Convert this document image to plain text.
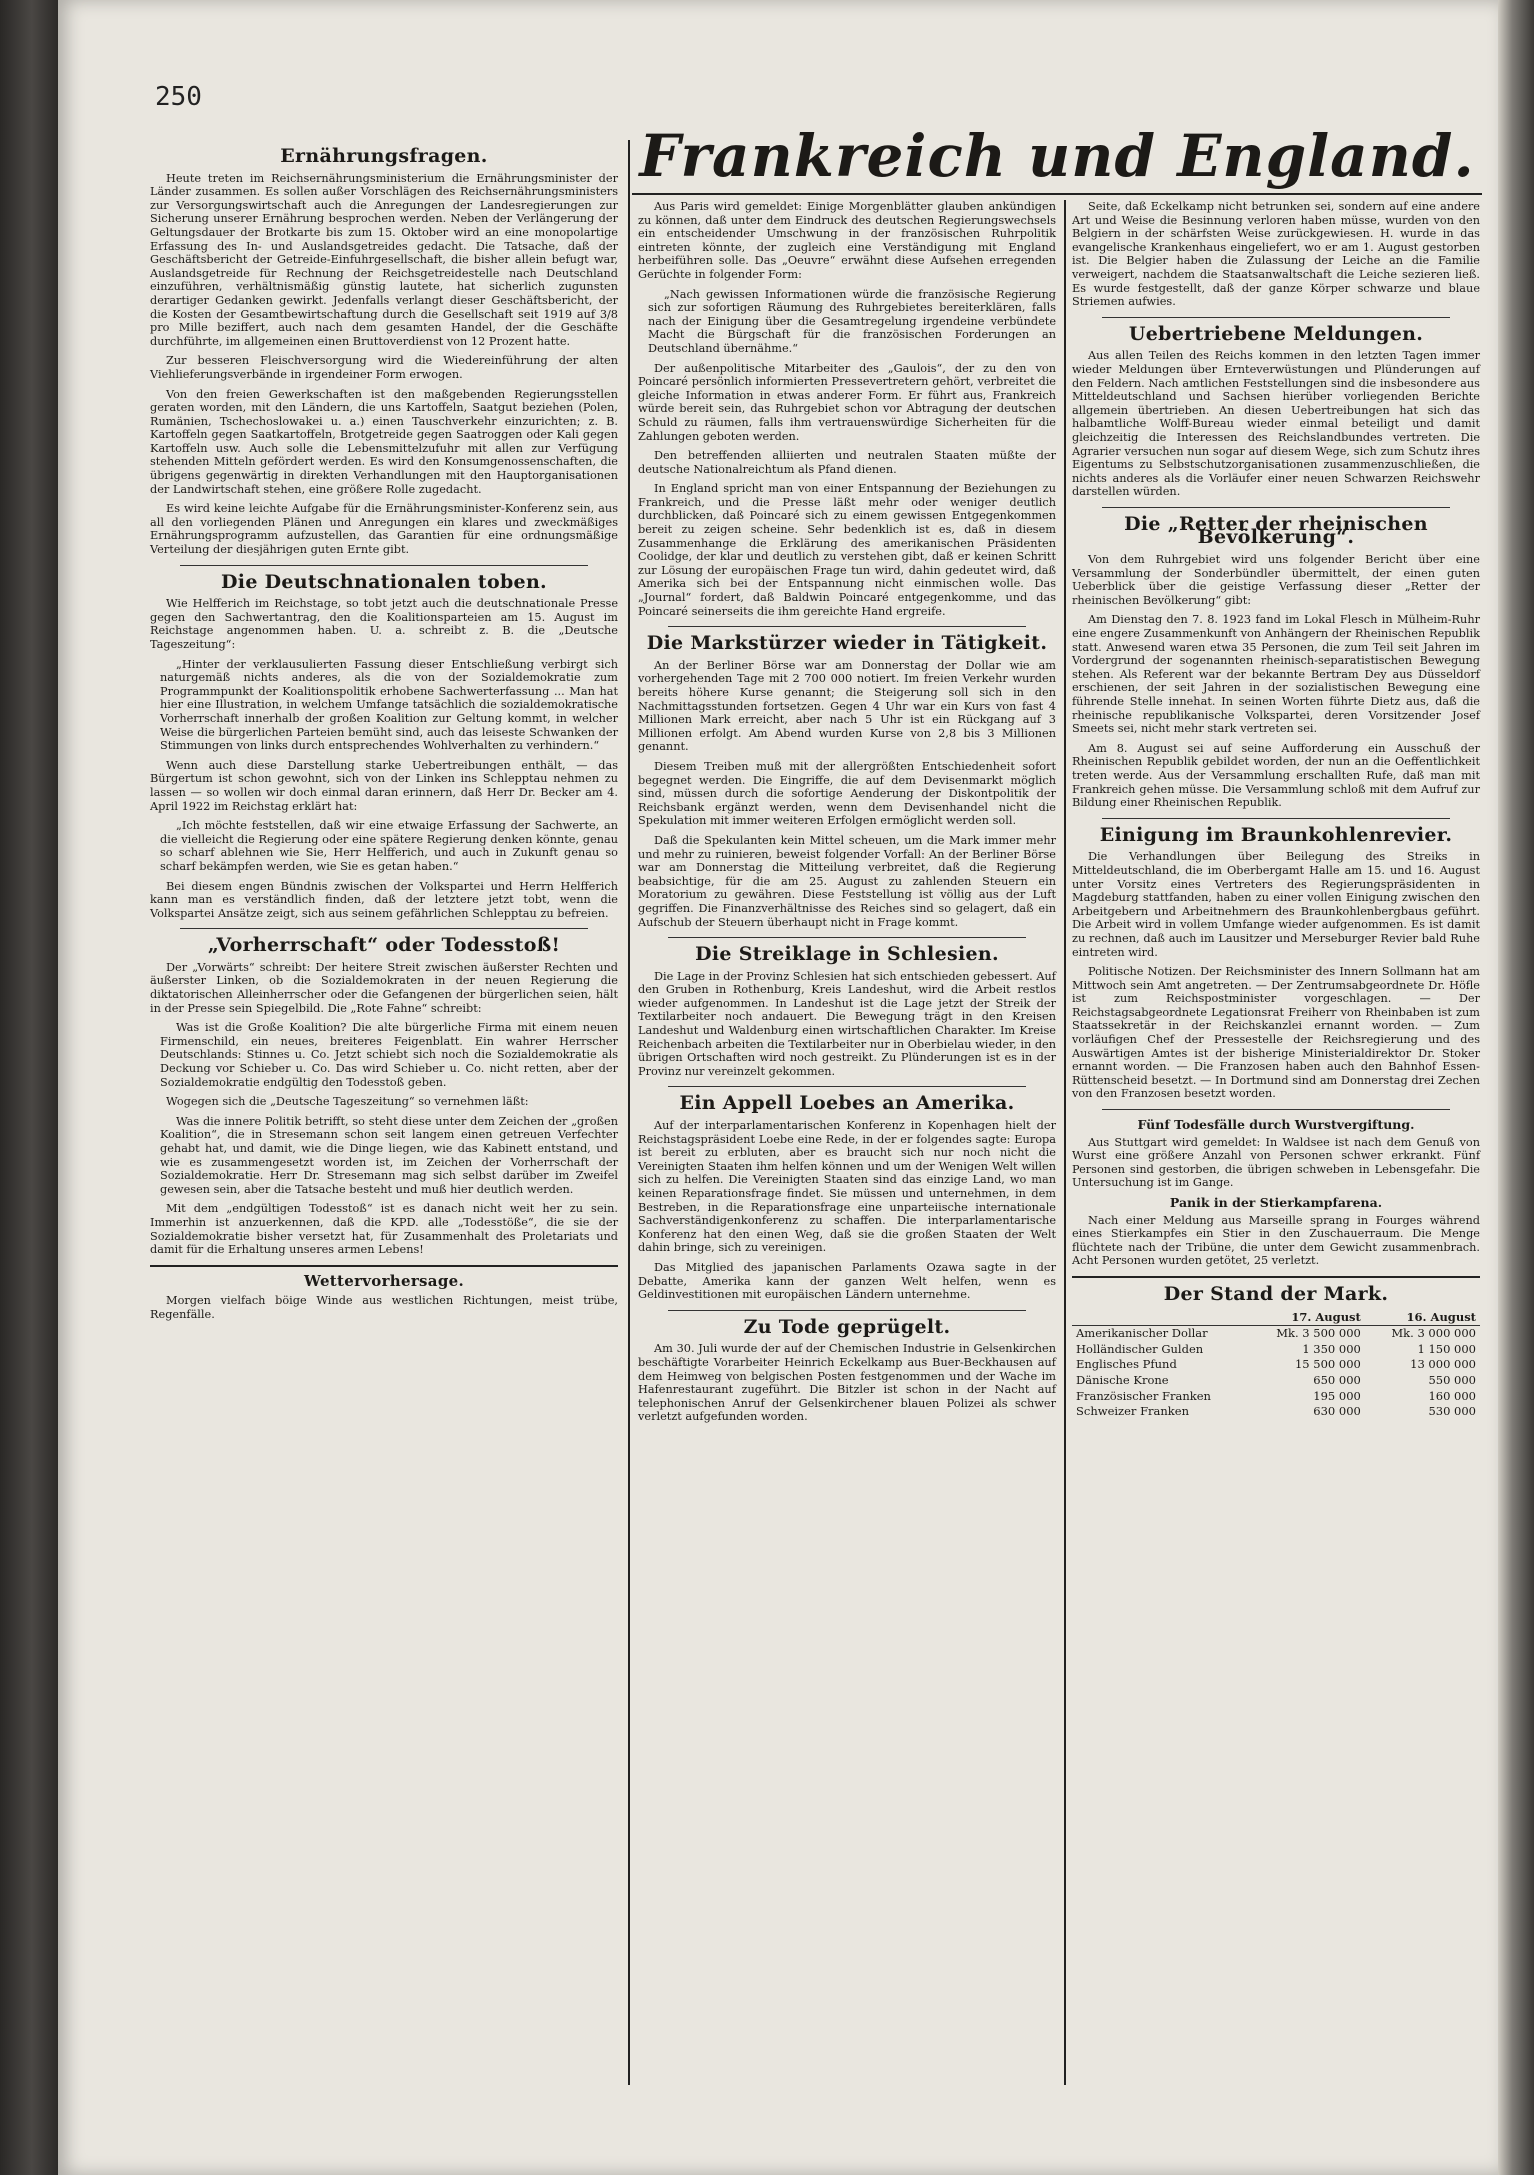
250
Frankreich und England.
Ernährungsfragen.

Heute treten im Reichsernährungsministerium die Ernährungsminister der Länder zusammen. Es sollen außer Vorschlägen des Reichsernährungsministers zur Versorgungswirtschaft auch die Anregungen der Landesregierungen zur Sicherung unserer Ernährung besprochen werden. Neben der Verlängerung der Geltungsdauer der Brotkarte bis zum 15. Oktober wird an eine monopolartige Erfassung des In- und Auslandsgetreides gedacht. Die Tatsache, daß der Geschäftsbericht der Getreide-Einfuhrgesellschaft, die bisher allein befugt war, Auslandsgetreide für Rechnung der Reichsgetreidestelle nach Deutschland einzuführen, verhältnismäßig günstig lautete, hat sicherlich zugunsten derartiger Gedanken gewirkt. Jedenfalls verlangt dieser Geschäftsbericht, der die Kosten der Gesamtbewirtschaftung durch die Gesellschaft seit 1919 auf 3/8 pro Mille beziffert, auch nach dem gesamten Handel, der die Geschäfte durchführte, im allgemeinen einen Bruttoverdienst von 12 Prozent hatte.

Zur besseren Fleischversorgung wird die Wiedereinführung der alten Viehlieferungsverbände in irgendeiner Form erwogen.

Von den freien Gewerkschaften ist den maßgebenden Regierungsstellen geraten worden, mit den Ländern, die uns Kartoffeln, Saatgut beziehen (Polen, Rumänien, Tschechoslowakei u. a.) einen Tauschverkehr einzurichten; z. B. Kartoffeln gegen Saatkartoffeln, Brotgetreide gegen Saatroggen oder Kali gegen Kartoffeln usw. Auch solle die Lebensmittelzufuhr mit allen zur Verfügung stehenden Mitteln gefördert werden. Es wird den Konsumgenossenschaften, die übrigens gegenwärtig in direkten Verhandlungen mit den Hauptorganisationen der Landwirtschaft stehen, eine größere Rolle zugedacht.

Es wird keine leichte Aufgabe für die Ernährungsminister-Konferenz sein, aus all den vorliegenden Plänen und Anregungen ein klares und zweckmäßiges Ernährungsprogramm aufzustellen, das Garantien für eine ordnungsmäßige Verteilung der diesjährigen guten Ernte gibt.

Die Deutschnationalen toben.

Wie Helfferich im Reichstage, so tobt jetzt auch die deutschnationale Presse gegen den Sachwertantrag, den die Koalitionsparteien am 15. August im Reichstage angenommen haben. U. a. schreibt z. B. die „Deutsche Tageszeitung“:

„Hinter der verklausulierten Fassung dieser Entschließung verbirgt sich naturgemäß nichts anderes, als die von der Sozialdemokratie zum Programmpunkt der Koalitionspolitik erhobene Sachwerterfassung ... Man hat hier eine Illustration, in welchem Umfange tatsächlich die sozialdemokratische Vorherrschaft innerhalb der großen Koalition zur Geltung kommt, in welcher Weise die bürgerlichen Parteien bemüht sind, auch das leiseste Schwanken der Stimmungen von links durch entsprechendes Wohlverhalten zu verhindern.“

Wenn auch diese Darstellung starke Uebertreibungen enthält, — das Bürgertum ist schon gewohnt, sich von der Linken ins Schlepptau nehmen zu lassen — so wollen wir doch einmal daran erinnern, daß Herr Dr. Becker am 4. April 1922 im Reichstag erklärt hat:

„Ich möchte feststellen, daß wir eine etwaige Erfassung der Sachwerte, an die vielleicht die Regierung oder eine spätere Regierung denken könnte, genau so scharf ablehnen wie Sie, Herr Helfferich, und auch in Zukunft genau so scharf bekämpfen werden, wie Sie es getan haben.“

Bei diesem engen Bündnis zwischen der Volkspartei und Herrn Helfferich kann man es verständlich finden, daß der letztere jetzt tobt, wenn die Volkspartei Ansätze zeigt, sich aus seinem gefährlichen Schlepptau zu befreien.

„Vorherrschaft“ oder Todesstoß!

Der „Vorwärts“ schreibt: Der heitere Streit zwischen äußerster Rechten und äußerster Linken, ob die Sozialdemokraten in der neuen Regierung die diktatorischen Alleinherrscher oder die Gefangenen der bürgerlichen seien, hält in der Presse sein Spiegelbild. Die „Rote Fahne“ schreibt:

Was ist die Große Koalition? Die alte bürgerliche Firma mit einem neuen Firmenschild, ein neues, breiteres Feigenblatt. Ein wahrer Herrscher Deutschlands: Stinnes u. Co. Jetzt schiebt sich noch die Sozialdemokratie als Deckung vor Schieber u. Co. Das wird Schieber u. Co. nicht retten, aber der Sozialdemokratie endgültig den Todesstoß geben.

Wogegen sich die „Deutsche Tageszeitung“ so vernehmen läßt:

Was die innere Politik betrifft, so steht diese unter dem Zeichen der „großen Koalition“, die in Stresemann schon seit langem einen getreuen Verfechter gehabt hat, und damit, wie die Dinge liegen, wie das Kabinett entstand, und wie es zusammengesetzt worden ist, im Zeichen der Vorherrschaft der Sozialdemokratie. Herr Dr. Stresemann mag sich selbst darüber im Zweifel gewesen sein, aber die Tatsache besteht und muß hier deutlich werden.

Mit dem „endgültigen Todesstoß“ ist es danach nicht weit her zu sein. Immerhin ist anzuerkennen, daß die KPD. alle „Todesstöße“, die sie der Sozialdemokratie bisher versetzt hat, für Zusammenhalt des Proletariats und damit für die Erhaltung unseres armen Lebens!

Wettervorhersage.

Morgen vielfach böige Winde aus westlichen Richtungen, meist trübe, Regenfälle.

Aus Paris wird gemeldet: Einige Morgenblätter glauben ankündigen zu können, daß unter dem Eindruck des deutschen Regierungswechsels ein entscheidender Umschwung in der französischen Ruhrpolitik eintreten könnte, der zugleich eine Verständigung mit England herbeiführen solle. Das „Oeuvre“ erwähnt diese Aufsehen erregenden Gerüchte in folgender Form:

„Nach gewissen Informationen würde die französische Regierung sich zur sofortigen Räumung des Ruhrgebietes bereiterklären, falls nach der Einigung über die Gesamtregelung irgendeine verbündete Macht die Bürgschaft für die französischen Forderungen an Deutschland übernähme.“

Der außenpolitische Mitarbeiter des „Gaulois“, der zu den von Poincaré persönlich informierten Pressevertretern gehört, verbreitet die gleiche Information in etwas anderer Form. Er führt aus, Frankreich würde bereit sein, das Ruhrgebiet schon vor Abtragung der deutschen Schuld zu räumen, falls ihm vertrauenswürdige Sicherheiten für die Zahlungen geboten werden.

Den betreffenden alliierten und neutralen Staaten müßte der deutsche Nationalreichtum als Pfand dienen.

In England spricht man von einer Entspannung der Beziehungen zu Frankreich, und die Presse läßt mehr oder weniger deutlich durchblicken, daß Poincaré sich zu einem gewissen Entgegenkommen bereit zu zeigen scheine. Sehr bedenklich ist es, daß in diesem Zusammenhange die Erklärung des amerikanischen Präsidenten Coolidge, der klar und deutlich zu verstehen gibt, daß er keinen Schritt zur Lösung der europäischen Frage tun wird, dahin gedeutet wird, daß Amerika sich bei der Entspannung nicht einmischen wolle. Das „Journal“ fordert, daß Baldwin Poincaré entgegenkomme, und das Poincaré seinerseits die ihm gereichte Hand ergreife.

Die Markstürzer wieder in Tätigkeit.

An der Berliner Börse war am Donnerstag der Dollar wie am vorhergehenden Tage mit 2 700 000 notiert. Im freien Verkehr wurden bereits höhere Kurse genannt; die Steigerung soll sich in den Nachmittagsstunden fortsetzen. Gegen 4 Uhr war ein Kurs von fast 4 Millionen Mark erreicht, aber nach 5 Uhr ist ein Rückgang auf 3 Millionen erfolgt. Am Abend wurden Kurse von 2,8 bis 3 Millionen genannt.

Diesem Treiben muß mit der allergrößten Entschiedenheit sofort begegnet werden. Die Eingriffe, die auf dem Devisenmarkt möglich sind, müssen durch die sofortige Aenderung der Diskontpolitik der Reichsbank ergänzt werden, wenn dem Devisenhandel nicht die Spekulation mit immer weiteren Erfolgen ermöglicht werden soll.

Daß die Spekulanten kein Mittel scheuen, um die Mark immer mehr und mehr zu ruinieren, beweist folgender Vorfall: An der Berliner Börse war am Donnerstag die Mitteilung verbreitet, daß die Regierung beabsichtige, für die am 25. August zu zahlenden Steuern ein Moratorium zu gewähren. Diese Feststellung ist völlig aus der Luft gegriffen. Die Finanzverhältnisse des Reiches sind so gelagert, daß ein Aufschub der Steuern überhaupt nicht in Frage kommt.

Die Streiklage in Schlesien.

Die Lage in der Provinz Schlesien hat sich entschieden gebessert. Auf den Gruben in Rothenburg, Kreis Landeshut, wird die Arbeit restlos wieder aufgenommen. In Landeshut ist die Lage jetzt der Streik der Textilarbeiter noch andauert. Die Bewegung trägt in den Kreisen Landeshut und Waldenburg einen wirtschaftlichen Charakter. Im Kreise Reichenbach arbeiten die Textilarbeiter nur in Oberbielau wieder, in den übrigen Ortschaften wird noch gestreikt. Zu Plünderungen ist es in der Provinz nur vereinzelt gekommen.

Ein Appell Loebes an Amerika.

Auf der interparlamentarischen Konferenz in Kopenhagen hielt der Reichstagspräsident Loebe eine Rede, in der er folgendes sagte: Europa ist bereit zu erbluten, aber es braucht sich nur noch nicht die Vereinigten Staaten ihm helfen können und um der Wenigen Welt willen sich zu helfen. Die Vereinigten Staaten sind das einzige Land, wo man keinen Reparationsfrage findet. Sie müssen und unternehmen, in dem Bestreben, in die Reparationsfrage eine unparteiische internationale Sachverständigenkonferenz zu schaffen. Die interparlamentarische Konferenz hat den einen Weg, daß sie die großen Staaten der Welt dahin bringe, sich zu vereinigen.

Das Mitglied des japanischen Parlaments Ozawa sagte in der Debatte, Amerika kann der ganzen Welt helfen, wenn es Geldinvestitionen mit europäischen Ländern unternehme.

Zu Tode geprügelt.

Am 30. Juli wurde der auf der Chemischen Industrie in Gelsenkirchen beschäftigte Vorarbeiter Heinrich Eckelkamp aus Buer-Beckhausen auf dem Heimweg von belgischen Posten festgenommen und der Wache im Hafenrestaurant zugeführt. Die Bitzler ist schon in der Nacht auf telephonischen Anruf der Gelsenkirchener blauen Polizei als schwer verletzt aufgefunden worden.

Seite, daß Eckelkamp nicht betrunken sei, sondern auf eine andere Art und Weise die Besinnung verloren haben müsse, wurden von den Belgiern in der schärfsten Weise zurückgewiesen. H. wurde in das evangelische Krankenhaus eingeliefert, wo er am 1. August gestorben ist. Die Belgier haben die Zulassung der Leiche an die Familie verweigert, nachdem die Staatsanwaltschaft die Leiche sezieren ließ. Es wurde festgestellt, daß der ganze Körper schwarze und blaue Striemen aufwies.

Uebertriebene Meldungen.

Aus allen Teilen des Reichs kommen in den letzten Tagen immer wieder Meldungen über Ernteverwüstungen und Plünderungen auf den Feldern. Nach amtlichen Feststellungen sind die insbesondere aus Mitteldeutschland und Sachsen hierüber vorliegenden Berichte allgemein übertrieben. An diesen Uebertreibungen hat sich das halbamtliche Wolff-Bureau wieder einmal beteiligt und damit gleichzeitig die Interessen des Reichslandbundes vertreten. Die Agrarier versuchen nun sogar auf diesem Wege, sich zum Schutz ihres Eigentums zu Selbstschutzorganisationen zusammenzuschließen, die nichts anderes als die Vorläufer einer neuen Schwarzen Reichswehr darstellen würden.

Die „Retter der rheinischen Bevölkerung“.

Von dem Ruhrgebiet wird uns folgender Bericht über eine Versammlung der Sonderbündler übermittelt, der einen guten Ueberblick über die geistige Verfassung dieser „Retter der rheinischen Bevölkerung“ gibt:

Am Dienstag den 7. 8. 1923 fand im Lokal Flesch in Mülheim-Ruhr eine engere Zusammenkunft von Anhängern der Rheinischen Republik statt. Anwesend waren etwa 35 Personen, die zum Teil seit Jahren im Vordergrund der sogenannten rheinisch-separatistischen Bewegung stehen. Als Referent war der bekannte Bertram Dey aus Düsseldorf erschienen, der seit Jahren in der sozialistischen Bewegung eine führende Stelle innehat. In seinen Worten führte Dietz aus, daß die rheinische republikanische Volkspartei, deren Vorsitzender Josef Smeets sei, nicht mehr stark vertreten sei.

Am 8. August sei auf seine Aufforderung ein Ausschuß der Rheinischen Republik gebildet worden, der nun an die Oeffentlichkeit treten werde. Aus der Versammlung erschallten Rufe, daß man mit Frankreich gehen müsse. Die Versammlung schloß mit dem Aufruf zur Bildung einer Rheinischen Republik.

Einigung im Braunkohlenrevier.

Die Verhandlungen über Beilegung des Streiks in Mitteldeutschland, die im Oberbergamt Halle am 15. und 16. August unter Vorsitz eines Vertreters des Regierungspräsidenten in Magdeburg stattfanden, haben zu einer vollen Einigung zwischen den Arbeitgebern und Arbeitnehmern des Braunkohlenbergbaus geführt. Die Arbeit wird in vollem Umfange wieder aufgenommen. Es ist damit zu rechnen, daß auch im Lausitzer und Merseburger Revier bald Ruhe eintreten wird.

Politische Notizen. Der Reichsminister des Innern Sollmann hat am Mittwoch sein Amt angetreten. — Der Zentrumsabgeordnete Dr. Höfle ist zum Reichspostminister vorgeschlagen. — Der Reichstagsabgeordnete Legationsrat Freiherr von Rheinbaben ist zum Staatssekretär in der Reichskanzlei ernannt worden. — Zum vorläufigen Chef der Pressestelle der Reichsregierung und des Auswärtigen Amtes ist der bisherige Ministerialdirektor Dr. Stoker ernannt worden. — Die Franzosen haben auch den Bahnhof Essen-Rüttenscheid besetzt. — In Dortmund sind am Donnerstag drei Zechen von den Franzosen besetzt worden.

Fünf Todesfälle durch Wurstvergiftung.

Aus Stuttgart wird gemeldet: In Waldsee ist nach dem Genuß von Wurst eine größere Anzahl von Personen schwer erkrankt. Fünf Personen sind gestorben, die übrigen schweben in Lebensgefahr. Die Untersuchung ist im Gange.

Panik in der Stierkampfarena.

Nach einer Meldung aus Marseille sprang in Fourges während eines Stierkampfes ein Stier in den Zuschauerraum. Die Menge flüchtete nach der Tribüne, die unter dem Gewicht zusammenbrach. Acht Personen wurden getötet, 25 verletzt.

Der Stand der Mark.
	17. August	16. August
Amerikanischer Dollar	Mk. 3 500 000	Mk. 3 000 000
Holländischer Gulden	1 350 000	1 150 000
Englisches Pfund	15 500 000	13 000 000
Dänische Krone	650 000	550 000
Französischer Franken	195 000	160 000
Schweizer Franken	630 000	530 000
